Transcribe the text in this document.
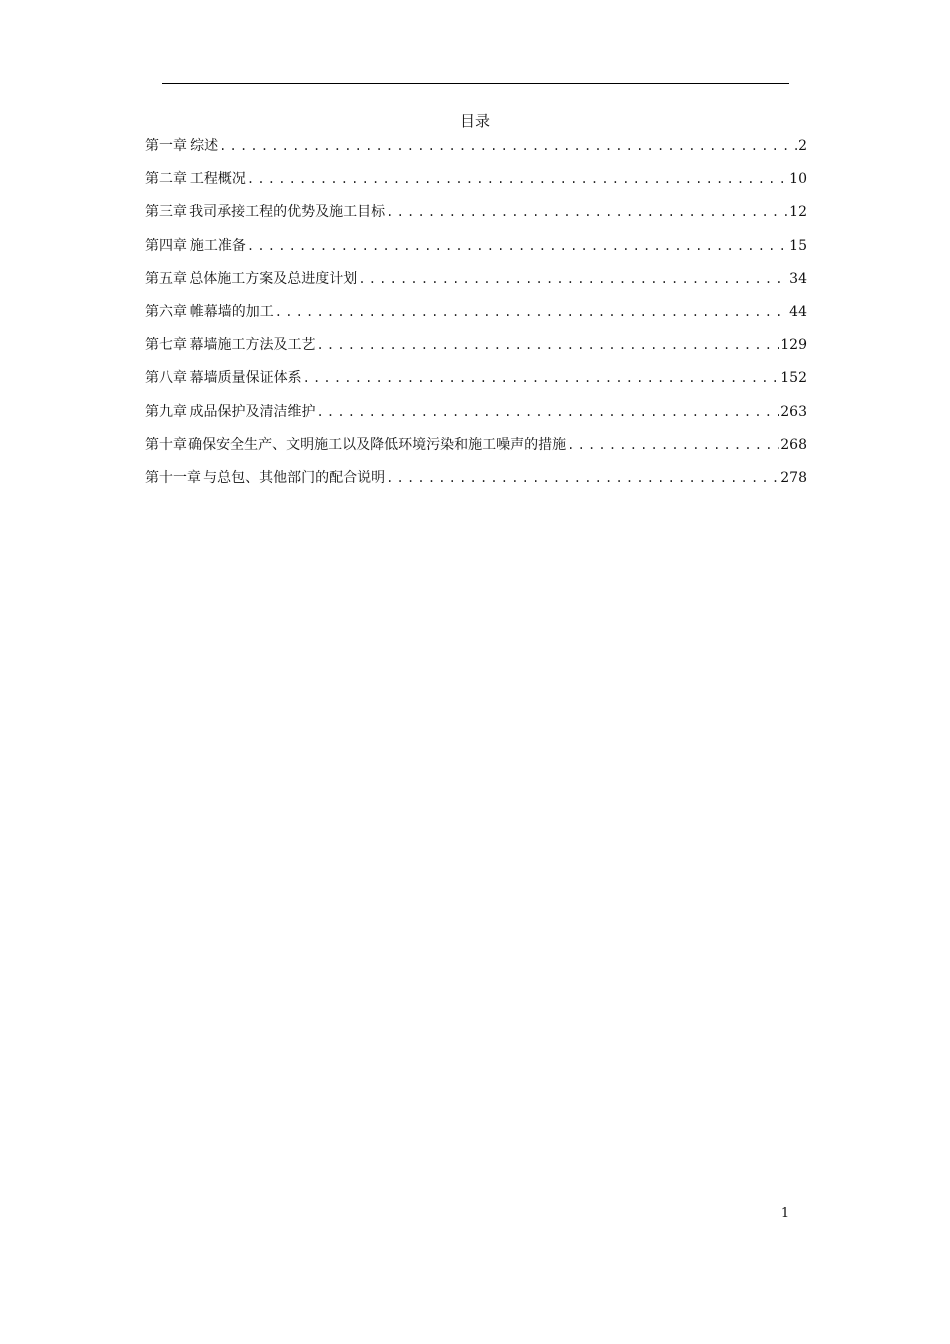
目录
第一章 综述 .....	2
第二章 工程概况 .....	10
第三章 我司承接工程的优势及施工目标 .....	12
第四章 施工准备 .....	15
第五章 总体施工方案及总进度计划 .....	34
第六章 帷幕墙的加工 .....	44
第七章 幕墙施工方法及工艺 .....	129
第八章 幕墙质量保证体系 .....	152
第九章 成品保护及清洁维护 .....	263
第十章 确保安全生产、文明施工以及降低环境污染和施工噪声的措施 .....	268
第十一章 与总包、其他部门的配合说明 .....	278
1
